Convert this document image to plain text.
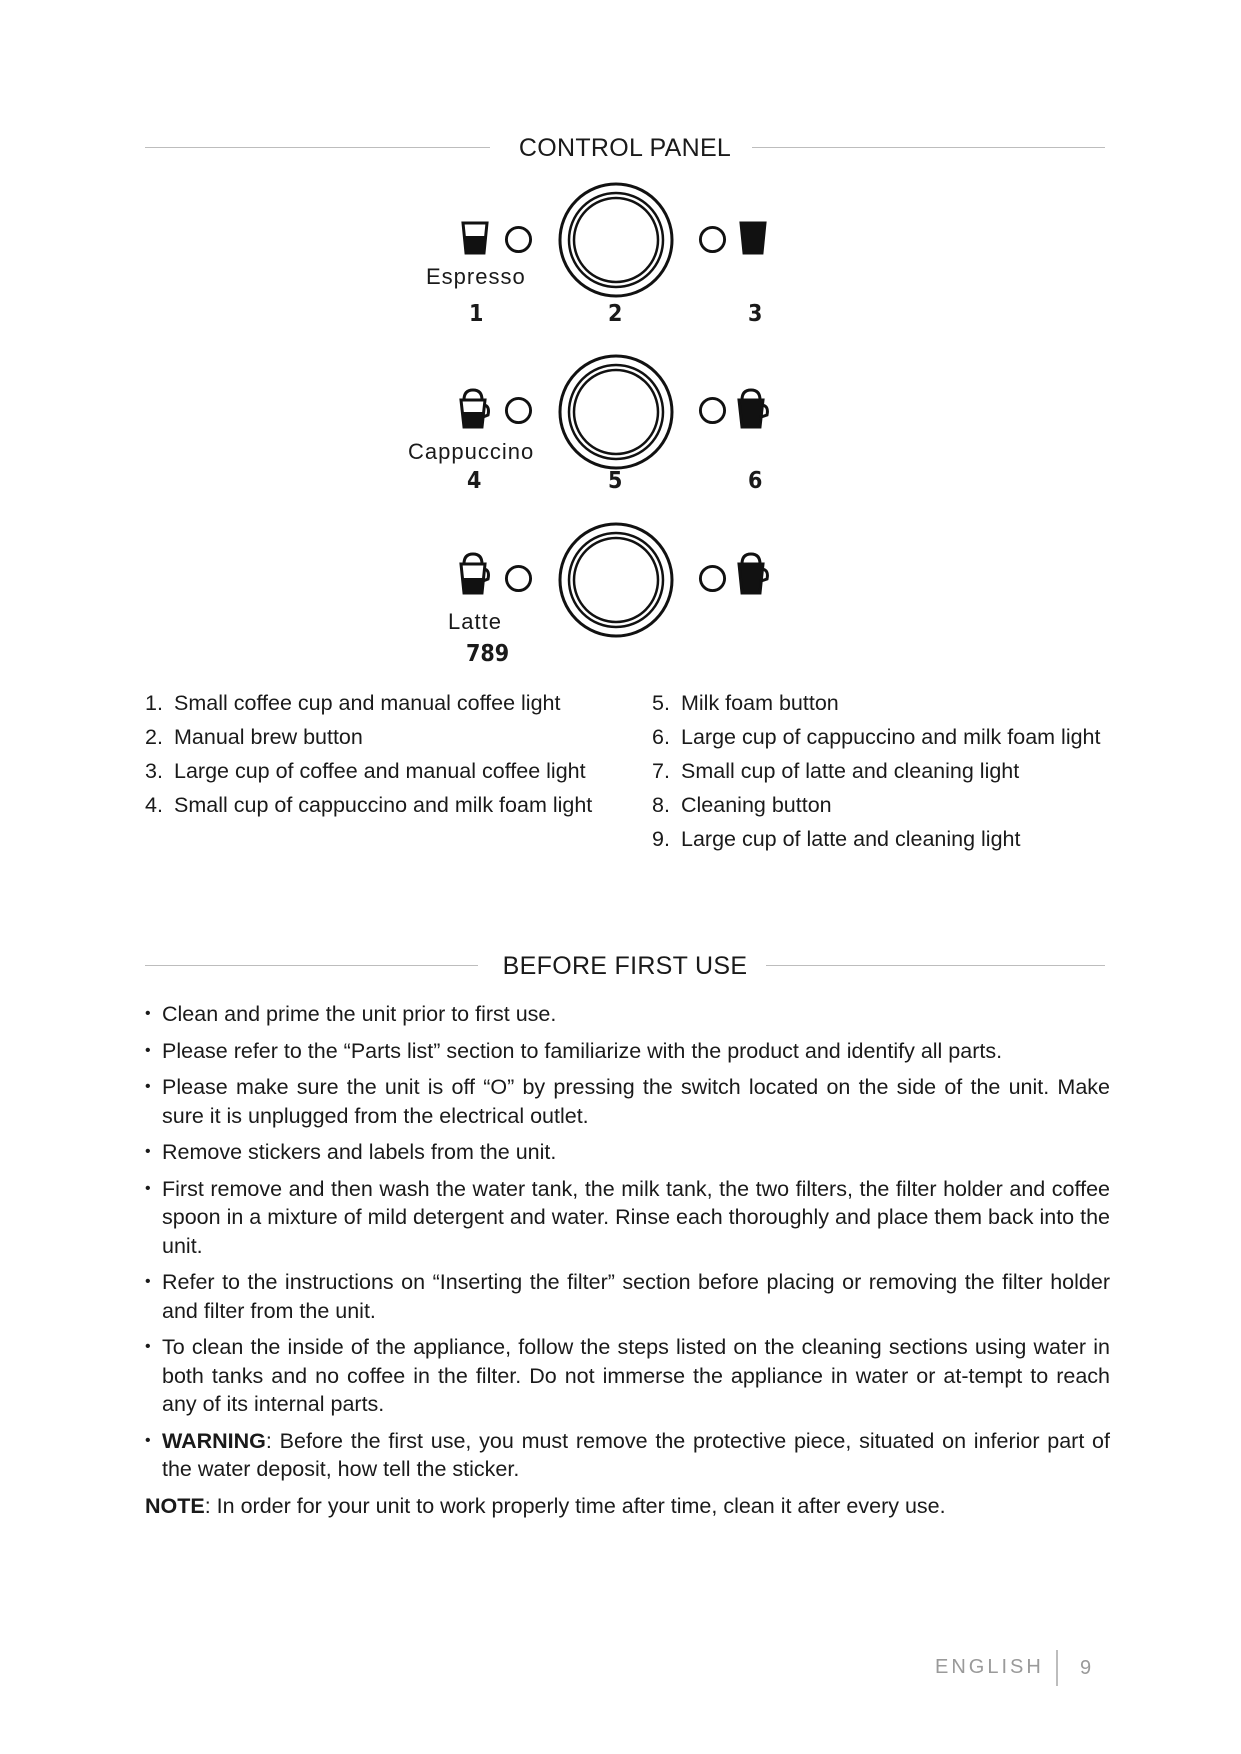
CONTROL PANEL
Espresso
1	2	3
Cappuccino
4	5	6
Latte
789
1. Small coffee cup and manual coffee light
2. Manual brew button
3. Large cup of coffee and manual coffee light
4. Small cup of cappuccino and milk foam light
5. Milk foam button
6. Large cup of cappuccino and milk foam light
7. Small cup of latte and cleaning light
8. Cleaning button
9. Large cup of latte and cleaning light
BEFORE FIRST USE
• Clean and prime the unit prior to first use.
• Please refer to the “Parts list” section to familiarize with the product and identify all parts.
• Please make sure the unit is off “O” by pressing the switch located on the side of the unit. Make sure it is unplugged from the electrical outlet.
• Remove stickers and labels from the unit.
• First remove and then wash the water tank, the milk tank, the two filters, the filter holder and coffee spoon in a mixture of mild detergent and water. Rinse each thoroughly and place them back into the unit.
• Refer to the instructions on “Inserting the filter” section before placing or removing the filter holder and filter from the unit.
• To clean the inside of the appliance, follow the steps listed on the cleaning sections using water in both tanks and no coffee in the filter. Do not immerse the appliance in water or at-tempt to reach any of its internal parts.
• WARNING: Before the first use, you must remove the protective piece, situated on inferior part of the water deposit, how tell the sticker.
NOTE: In order for your unit to work properly time after time, clean it after every use.
ENGLISH 9
